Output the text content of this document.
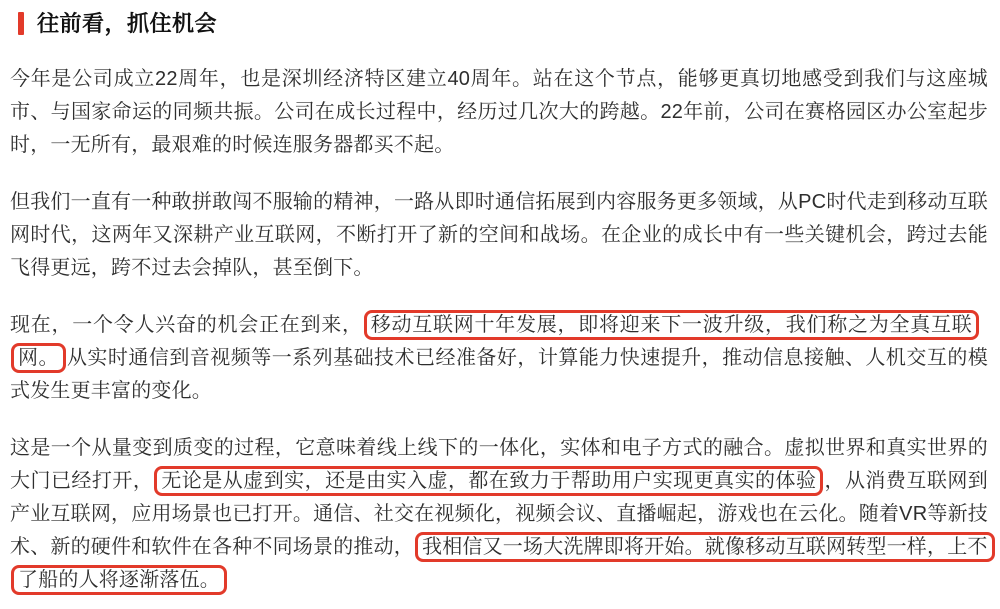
往前看，抓住机会

今年是公司成立22周年，也是深圳经济特区建立40周年。站在这个节点，能够更真切地感受到我们与这座城市、与国家命运的同频共振。公司在成长过程中，经历过几次大的跨越。22年前，公司在赛格园区办公室起步时，一无所有，最艰难的时候连服务器都买不起。

但我们一直有一种敢拼敢闯不服输的精神，一路从即时通信拓展到内容服务更多领域，从PC时代走到移动互联网时代，这两年又深耕产业互联网，不断打开了新的空间和战场。在企业的成长中有一些关键机会，跨过去能飞得更远，跨不过去会掉队，甚至倒下。

现在，一个令人兴奋的机会正在到来， 移动互联网十年发展，即将迎来下一波升级，我们称之为全真互联网。 从实时通信到音视频等一系列基础技术已经准备好，计算能力快速提升，推动信息接触、人机交互的模式发生更丰富的变化。

这是一个从量变到质变的过程，它意味着线上线下的一体化，实体和电子方式的融合。虚拟世界和真实世界的大门已经打开， 无论是从虚到实，还是由实入虚，都在致力于帮助用户实现更真实的体验 ，从消费互联网到产业互联网，应用场景也已打开。通信、社交在视频化，视频会议、直播崛起，游戏也在云化。随着VR等新技术、新的硬件和软件在各种不同场景的推动， 我相信又一场大洗牌即将开始。就像移动互联网转型一样，上不了船的人将逐渐落伍。
